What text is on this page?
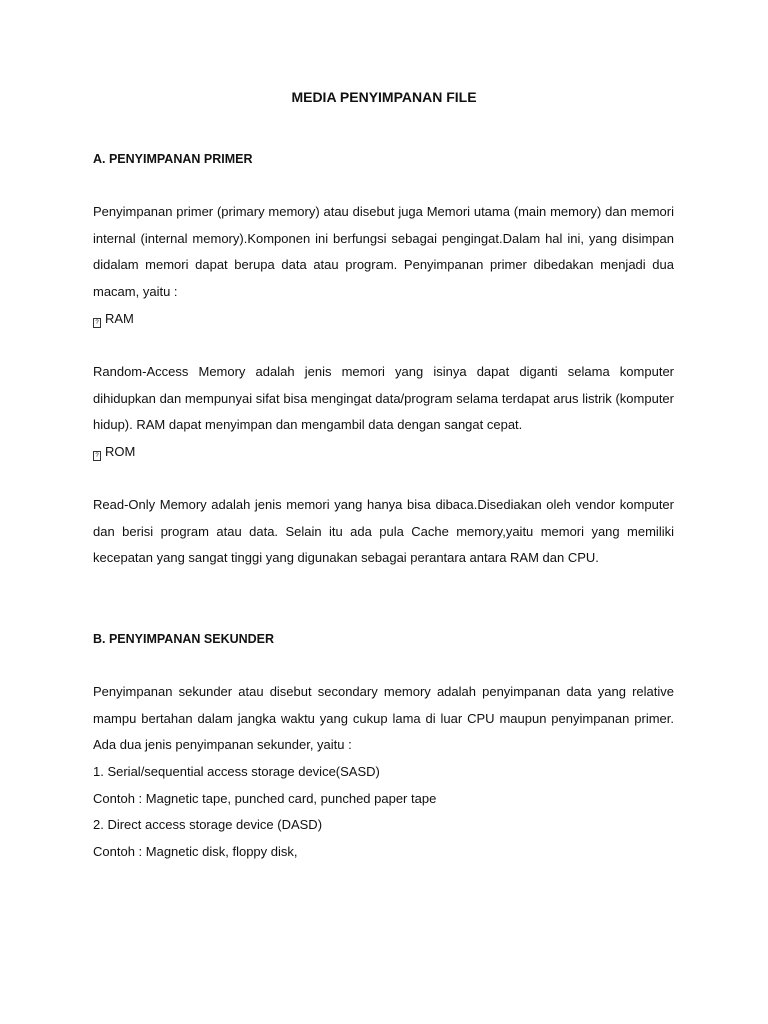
MEDIA PENYIMPANAN FILE
A. PENYIMPANAN PRIMER

Penyimpanan primer (primary memory) atau disebut juga Memori utama (main memory) dan memori internal (internal memory).Komponen ini berfungsi sebagai pengingat.Dalam hal ini, yang disimpan didalam memori dapat berupa data atau program. Penyimpanan primer dibedakan menjadi dua macam, yaitu :

? RAM

Random-Access Memory adalah jenis memori yang isinya dapat diganti selama komputer dihidupkan dan mempunyai sifat bisa mengingat data/program selama terdapat arus listrik (komputer hidup). RAM dapat menyimpan dan mengambil data dengan sangat cepat.

? ROM

Read-Only Memory adalah jenis memori yang hanya bisa dibaca.Disediakan oleh vendor komputer dan berisi program atau data. Selain itu ada pula Cache memory,yaitu memori yang memiliki kecepatan yang sangat tinggi yang digunakan sebagai perantara antara RAM dan CPU.

B. PENYIMPANAN SEKUNDER

Penyimpanan sekunder atau disebut secondary memory adalah penyimpanan data yang relative mampu bertahan dalam jangka waktu yang cukup lama di luar CPU maupun penyimpanan primer. Ada dua jenis penyimpanan sekunder, yaitu :

1. Serial/sequential access storage device(SASD)
Contoh : Magnetic tape, punched card, punched paper tape
2. Direct access storage device (DASD)
Contoh : Magnetic disk, floppy disk,
